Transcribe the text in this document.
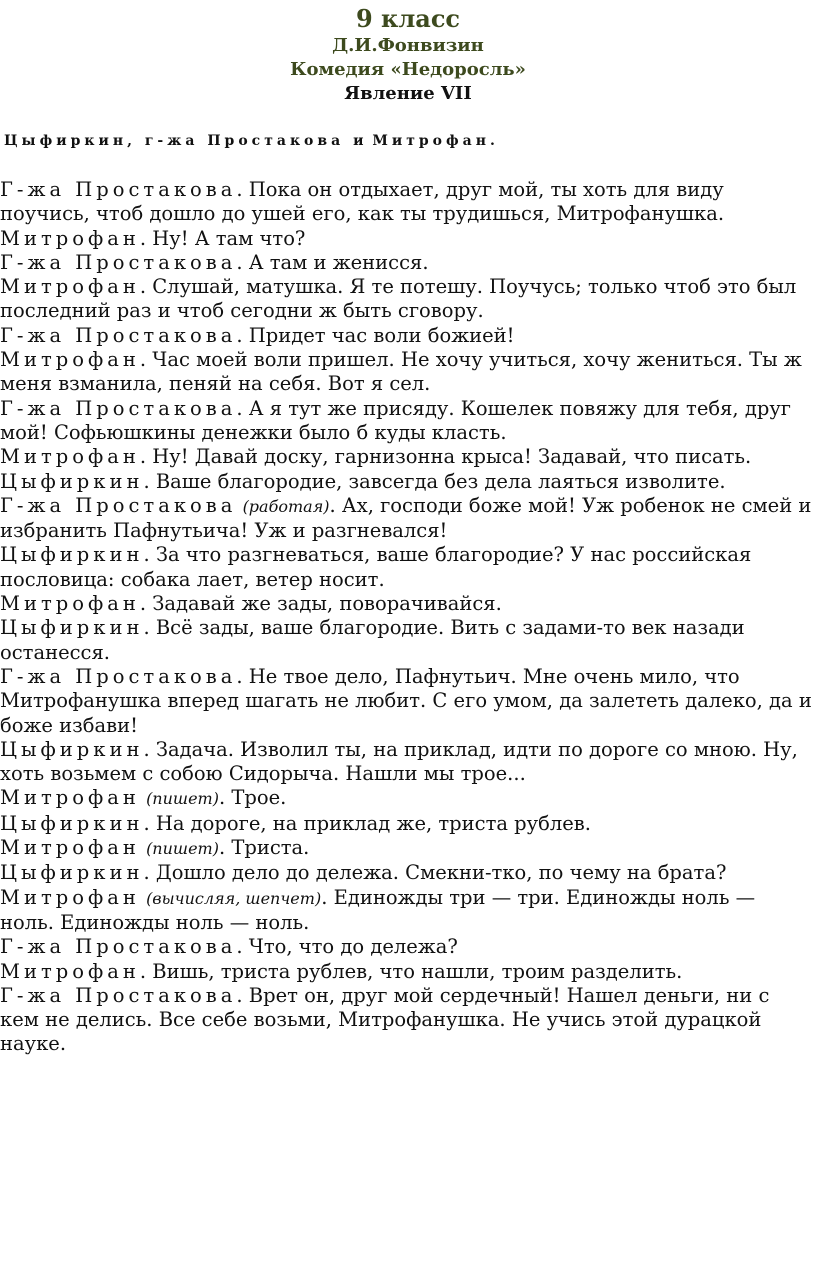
9 класс
Д.И.Фонвизин
Комедия «Недоросль»
Явление VII
Цыфиркин, г-жа Простакова и Митрофан.

Г-жа Простакова. Пока он отдыхает, друг мой, ты хоть для виду поучись, чтоб дошло до ушей его, как ты трудишься, Митрофанушка.

Митрофан. Ну! А там что?

Г-жа Простакова. А там и женисся.

Митрофан. Слушай, матушка. Я те потешу. Поучусь; только чтоб это был последний раз и чтоб сегодни ж быть сговору.

Г-жа Простакова. Придет час воли божией!

Митрофан. Час моей воли пришел. Не хочу учиться, хочу жениться. Ты ж меня взманила, пеняй на себя. Вот я сел.

Г-жа Простакова. А я тут же присяду. Кошелек повяжу для тебя, друг мой! Софьюшкины денежки было б куды класть.

Митрофан. Ну! Давай доску, гарнизонна крыса! Задавай, что писать.

Цыфиркин. Ваше благородие, завсегда без дела лаяться изволите.

Г-жа Простакова (работая). Ах, господи боже мой! Уж робенок не смей и избранить Пафнутьича! Уж и разгневался!

Цыфиркин. За что разгневаться, ваше благородие? У нас российская пословица: собака лает, ветер носит.

Митрофан. Задавай же зады, поворачивайся.

Цыфиркин. Всё зады, ваше благородие. Вить с задами-то век назади останесся.

Г-жа Простакова. Не твое дело, Пафнутьич. Мне очень мило, что Митрофанушка вперед шагать не любит. С его умом, да залететь далеко, да и боже избави!

Цыфиркин. Задача. Изволил ты, на приклад, идти по дороге со мною. Ну, хоть возьмем с собою Сидорыча. Нашли мы трое...

Митрофан (пишет). Трое.

Цыфиркин. На дороге, на приклад же, триста рублев.

Митрофан (пишет). Триста.

Цыфиркин. Дошло дело до дележа. Смекни-тко, по чему на брата?

Митрофан (вычисляя, шепчет). Единожды три — три. Единожды ноль — ноль. Единожды ноль — ноль.

Г-жа Простакова. Что, что до дележа?

Митрофан. Вишь, триста рублев, что нашли, троим разделить.

Г-жа Простакова. Врет он, друг мой сердечный! Нашел деньги, ни с кем не делись. Все себе возьми, Митрофанушка. Не учись этой дурацкой науке.
